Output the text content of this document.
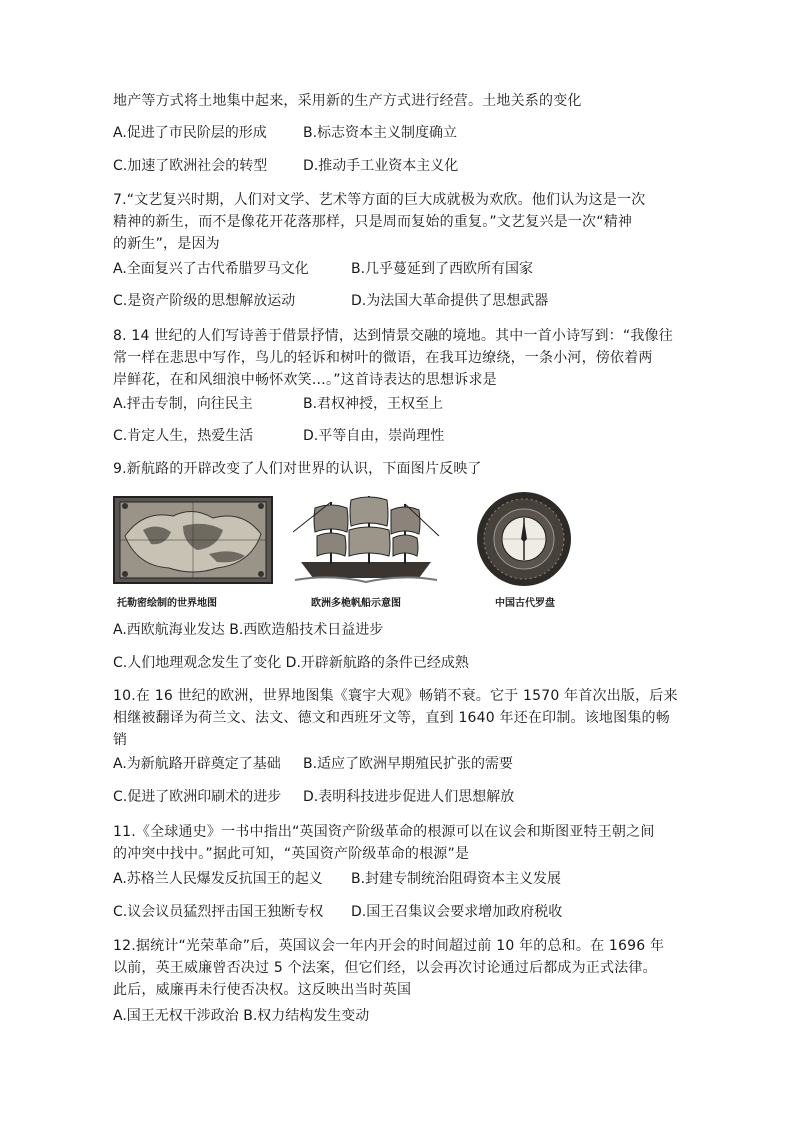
地产等方式将土地集中起来，采用新的生产方式进行经营。土地关系的变化
A.促进了市民阶层的形成	B.标志资本主义制度确立
C.加速了欧洲社会的转型	D.推动手工业资本主义化
7.“文艺复兴时期，人们对文学、艺术等方面的巨大成就极为欢欣。他们认为这是一次
精神的新生，而不是像花开花落那样，只是周而复始的重复。”文艺复兴是一次“精神
的新生”，是因为
A.全面复兴了古代希腊罗马文化	B.几乎蔓延到了西欧所有国家
C.是资产阶级的思想解放运动	D.为法国大革命提供了思想武器
8. 14 世纪的人们写诗善于借景抒情，达到情景交融的境地。其中一首小诗写到：“我像往
常一样在悲思中写作，鸟儿的轻诉和树叶的微语，在我耳边缭绕，一条小河，傍依着两
岸鲜花，在和风细浪中畅怀欢笑…。”这首诗表达的思想诉求是
A.抨击专制，向往民主	B.君权神授，王权至上
C.肯定人生，热爱生活	D.平等自由，崇尚理性
9.新航路的开辟改变了人们对世界的认识，下面图片反映了
托勒密绘制的世界地图	欧洲多桅帆船示意图	中国古代罗盘
A.西欧航海业发达 B.西欧造船技术日益进步
C.人们地理观念发生了变化 D.开辟新航路的条件已经成熟
10.在 16 世纪的欧洲，世界地图集《寰宇大观》畅销不衰。它于 1570 年首次出版，后来
相继被翻译为荷兰文、法文、德文和西班牙文等，直到 1640 年还在印制。该地图集的畅
销
A.为新航路开辟奠定了基础 B.适应了欧洲早期殖民扩张的需要
C.促进了欧洲印刷术的进步 D.表明科技进步促进人们思想解放
11.《全球通史》一书中指出“英国资产阶级革命的根源可以在议会和斯图亚特王朝之间
的冲突中找中。”据此可知，“英国资产阶级革命的根源”是
A.苏格兰人民爆发反抗国王的起义 B.封建专制统治阻碍资本主义发展
C.议会议员猛烈抨击国王独断专权 D.国王召集议会要求增加政府税收
12.据统计“光荣革命”后，英国议会一年内开会的时间超过前 10 年的总和。在 1696 年
以前，英王威廉曾否决过 5 个法案，但它们经，以会再次讨论通过后都成为正式法律。
此后，威廉再未行使否决权。这反映出当时英国
A.国王无权干涉政治 B.权力结构发生变动
